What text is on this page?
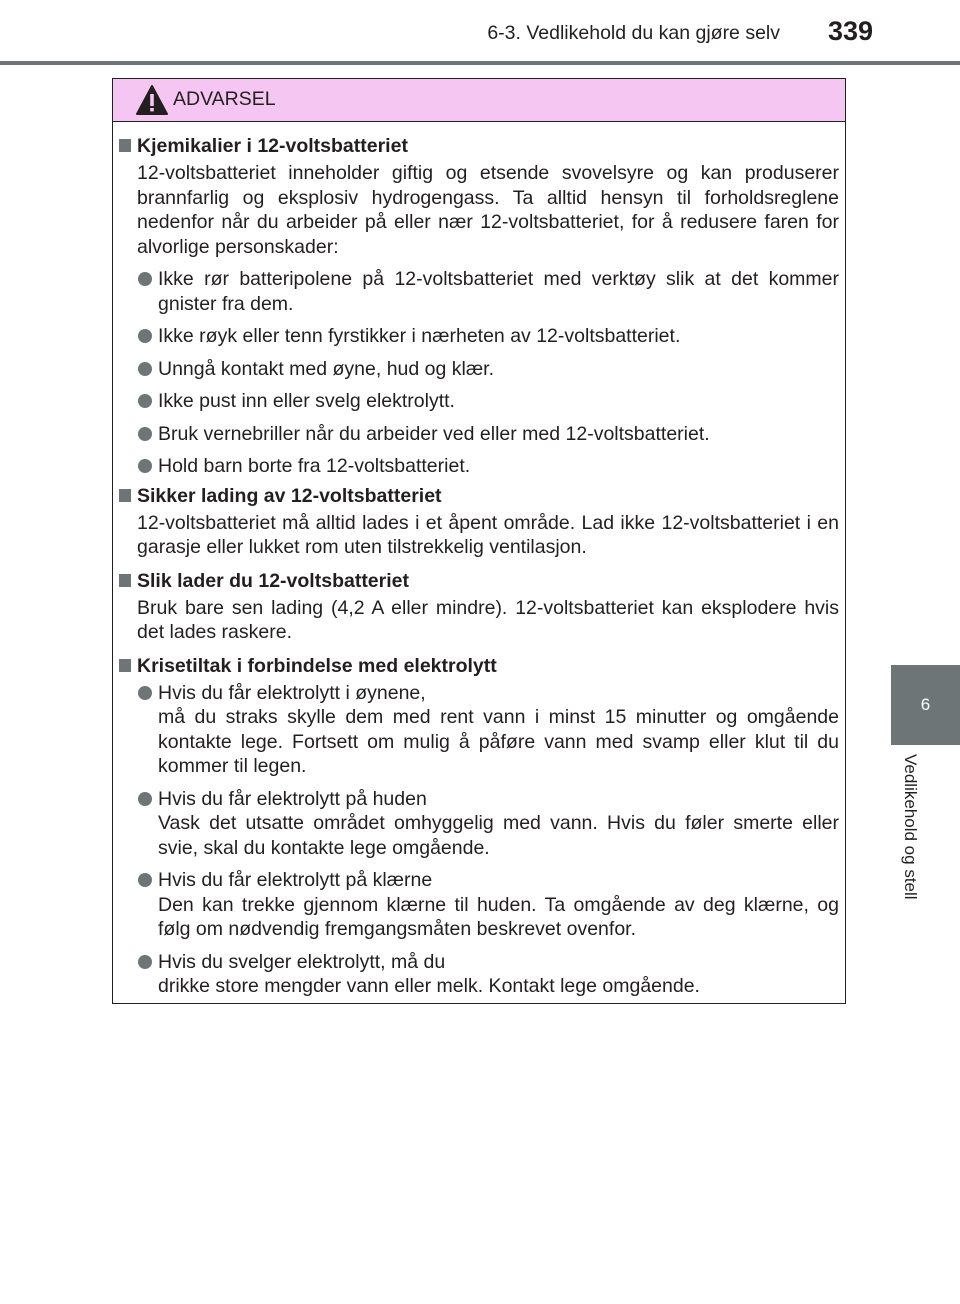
6-3. Vedlikehold du kan gjøre selv 339
6
Vedlikehold og stell
ADVARSEL
Kjemikalier i 12-voltsbatteriet
12-voltsbatteriet inneholder giftig og etsende svovelsyre og kan produserer brannfarlig og eksplosiv hydrogengass. Ta alltid hensyn til forholdsreglene nedenfor når du arbeider på eller nær 12-voltsbatteriet, for å redusere faren for alvorlige personskader:
Ikke rør batteripolene på 12-voltsbatteriet med verktøy slik at det kommer gnister fra dem.
Ikke røyk eller tenn fyrstikker i nærheten av 12-voltsbatteriet.
Unngå kontakt med øyne, hud og klær.
Ikke pust inn eller svelg elektrolytt.
Bruk vernebriller når du arbeider ved eller med 12-voltsbatteriet.
Hold barn borte fra 12-voltsbatteriet.
Sikker lading av 12-voltsbatteriet
12-voltsbatteriet må alltid lades i et åpent område. Lad ikke 12-voltsbatteriet i en garasje eller lukket rom uten tilstrekkelig ventilasjon.
Slik lader du 12-voltsbatteriet
Bruk bare sen lading (4,2 A eller mindre). 12-voltsbatteriet kan eksplodere hvis det lades raskere.
Krisetiltak i forbindelse med elektrolytt
Hvis du får elektrolytt i øynene,
må du straks skylle dem med rent vann i minst 15 minutter og omgående kontakte lege. Fortsett om mulig å påføre vann med svamp eller klut til du kommer til legen.
Hvis du får elektrolytt på huden
Vask det utsatte området omhyggelig med vann. Hvis du føler smerte eller svie, skal du kontakte lege omgående.
Hvis du får elektrolytt på klærne
Den kan trekke gjennom klærne til huden. Ta omgående av deg klærne, og følg om nødvendig fremgangsmåten beskrevet ovenfor.
Hvis du svelger elektrolytt, må du
drikke store mengder vann eller melk. Kontakt lege omgående.
